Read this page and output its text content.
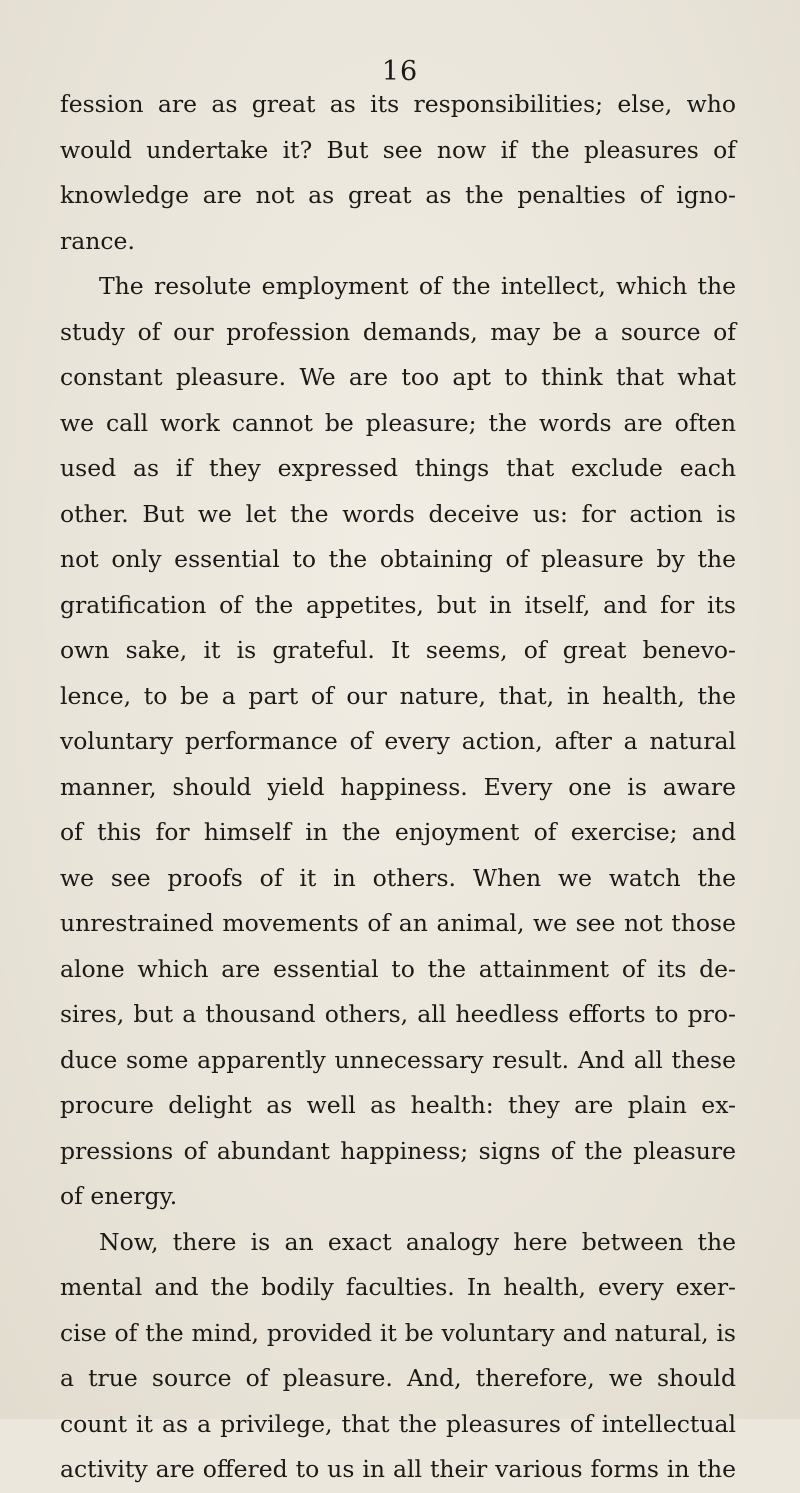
16
fession are as great as its responsibilities; else, who
would undertake it? But see now if the pleasures of
knowledge are not as great as the penalties of igno-
rance.
The resolute employment of the intellect, which the
study of our profession demands, may be a source of
constant pleasure. We are too apt to think that what
we call work cannot be pleasure; the words are often
used as if they expressed things that exclude each
other. But we let the words deceive us: for action is
not only essential to the obtaining of pleasure by the
gratification of the appetites, but in itself, and for its
own sake, it is grateful. It seems, of great benevo-
lence, to be a part of our nature, that, in health, the
voluntary performance of every action, after a natural
manner, should yield happiness. Every one is aware
of this for himself in the enjoyment of exercise; and
we see proofs of it in others. When we watch the
unrestrained movements of an animal, we see not those
alone which are essential to the attainment of its de-
sires, but a thousand others, all heedless efforts to pro-
duce some apparently unnecessary result. And all these
procure delight as well as health: they are plain ex-
pressions of abundant happiness; signs of the pleasure
of energy.
Now, there is an exact analogy here between the
mental and the bodily faculties. In health, every exer-
cise of the mind, provided it be voluntary and natural, is
a true source of pleasure. And, therefore, we should
count it as a privilege, that the pleasures of intellectual
activity are offered to us in all their various forms in the
